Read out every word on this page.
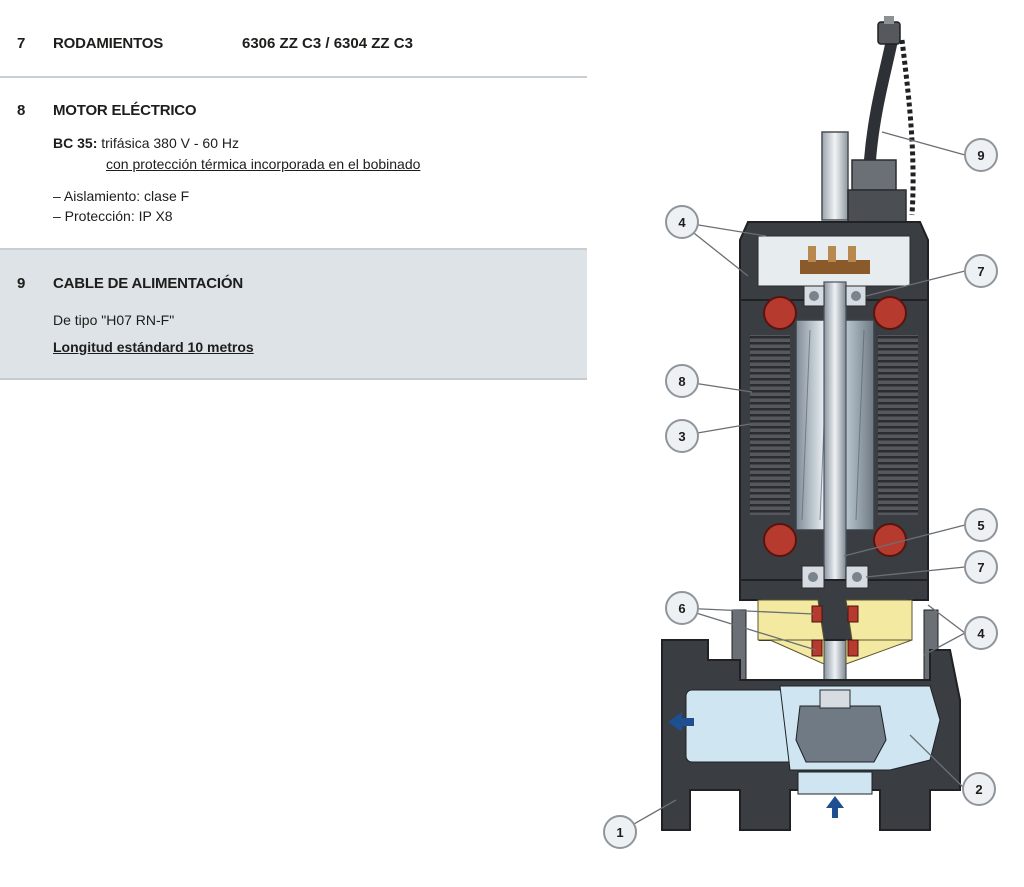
7 RODAMIENTOS	6306 ZZ C3 / 6304 ZZ C3
8 MOTOR ELÉCTRICO
BC 35: trifásica 380 V - 60 Hz
con protección térmica incorporada en el bobinado
– Aislamiento: clase F
– Protección: IP X8
9 CABLE DE ALIMENTACIÓN
De tipo "H07 RN-F"
Longitud estándard 10 metros
9
4
7
8
3
5
7
6
4
2
1
